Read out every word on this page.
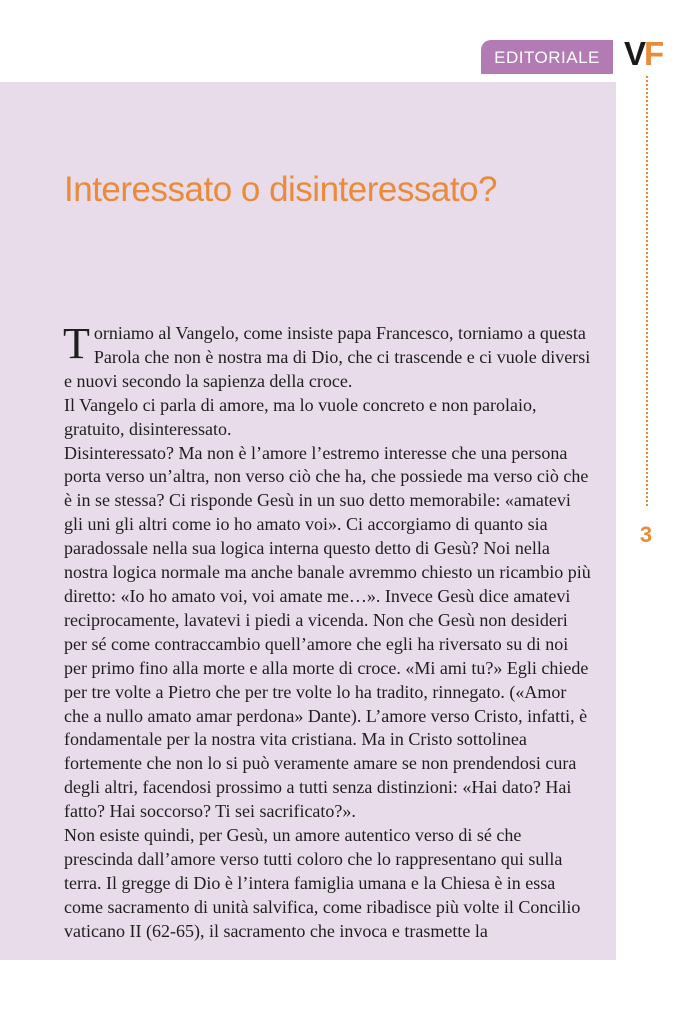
EDITORIALE VF
3
Interessato o disinteressato?

Torniamo al Vangelo, come insiste papa Francesco, torniamo a questa Parola che non è nostra ma di Dio, che ci trascende e ci vuole diversi e nuovi secondo la sapienza della croce.

Il Vangelo ci parla di amore, ma lo vuole concreto e non parolaio, gratuito, disinteressato.

Disinteressato? Ma non è l’amore l’estremo interesse che una persona porta verso un’altra, non verso ciò che ha, che possiede ma verso ciò che è in se stessa? Ci risponde Gesù in un suo detto memorabile: «amatevi gli uni gli altri come io ho amato voi». Ci accorgiamo di quanto sia paradossale nella sua logica interna questo detto di Gesù? Noi nella nostra logica normale ma anche banale avremmo chiesto un ricambio più diretto: «Io ho amato voi, voi amate me…». Invece Gesù dice amatevi reciprocamente, lavatevi i piedi a vicenda. Non che Gesù non desideri per sé come contraccambio quell’amore che egli ha riversato su di noi per primo fino alla morte e alla morte di croce. «Mi ami tu?» Egli chiede per tre volte a Pietro che per tre volte lo ha tradito, rinnegato. («Amor che a nullo amato amar perdona» Dante). L’amore verso Cristo, infatti, è fondamentale per la nostra vita cristiana. Ma in Cristo sottolinea fortemente che non lo si può veramente amare se non prendendosi cura degli altri, facendosi prossimo a tutti senza distinzioni: «Hai dato? Hai fatto? Hai soccorso? Ti sei sacrificato?».

Non esiste quindi, per Gesù, un amore autentico verso di sé che prescinda dall’amore verso tutti coloro che lo rappresentano qui sulla terra. Il gregge di Dio è l’intera famiglia umana e la Chiesa è in essa come sacramento di unità salvifica, come ribadisce più volte il Concilio vaticano II (62-65), il sacramento che invoca e trasmette la
